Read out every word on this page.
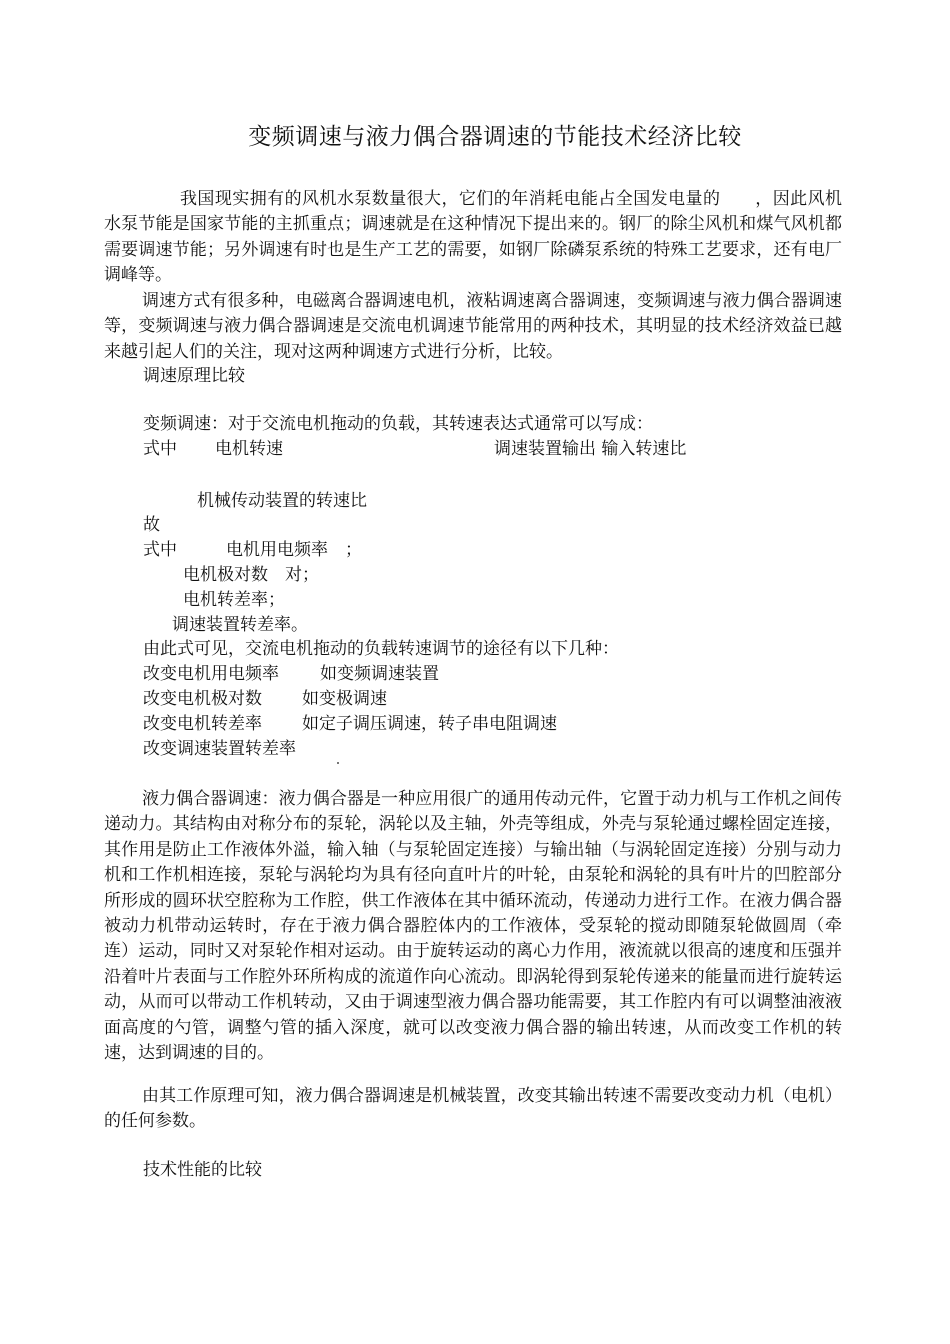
变频调速与液力偶合器调速的节能技术经济比较

我国现实拥有的风机水泵数量很大，它们的年消耗电能占全国发电量的　　，因此风机水泵节能是国家节能的主抓重点；调速就是在这种情况下提出来的。钢厂的除尘风机和煤气风机都需要调速节能；另外调速有时也是生产工艺的需要，如钢厂除磷泵系统的特殊工艺要求，还有电厂调峰等。

调速方式有很多种，电磁离合器调速电机，液粘调速离合器调速，变频调速与液力偶合器调速等，变频调速与液力偶合器调速是交流电机调速节能常用的两种技术，其明显的技术经济效益已越来越引起人们的关注，现对这两种调速方式进行分析，比较。

调速原理比较
变频调速：对于交流电机拖动的负载，其转速表达式通常可以写成：
式中 电机转速	调速装置输出 输入转速比
机械传动装置的转速比
故
式中	电机用电频率　；
电机极对数　对；
电机转差率；
调速装置转差率。
由此式可见，交流电机拖动的负载转速调节的途径有以下几种：
改变电机用电频率 如变频调速装置
改变电机极对数 如变极调速
改变电机转差率 如定子调压调速，转子串电阻调速
改变调速装置转差率

液力偶合器调速：液力偶合器是一种应用很广的通用传动元件，它置于动力机与工作机之间传递动力。其结构由对称分布的泵轮，涡轮以及主轴，外壳等组成，外壳与泵轮通过螺栓固定连接，其作用是防止工作液体外溢，输入轴（与泵轮固定连接）与输出轴（与涡轮固定连接）分别与动力机和工作机相连接，泵轮与涡轮均为具有径向直叶片的叶轮，由泵轮和涡轮的具有叶片的凹腔部分所形成的圆环状空腔称为工作腔，供工作液体在其中循环流动，传递动力进行工作。在液力偶合器被动力机带动运转时，存在于液力偶合器腔体内的工作液体，受泵轮的搅动即随泵轮做圆周（牵连）运动，同时又对泵轮作相对运动。由于旋转运动的离心力作用，液流就以很高的速度和压强并沿着叶片表面与工作腔外环所构成的流道作向心流动。即涡轮得到泵轮传递来的能量而进行旋转运动，从而可以带动工作机转动，又由于调速型液力偶合器功能需要，其工作腔内有可以调整油液液面高度的勺管，调整勺管的插入深度，就可以改变液力偶合器的输出转速，从而改变工作机的转速，达到调速的目的。

由其工作原理可知，液力偶合器调速是机械装置，改变其输出转速不需要改变动力机（电机）的任何参数。

技术性能的比较
